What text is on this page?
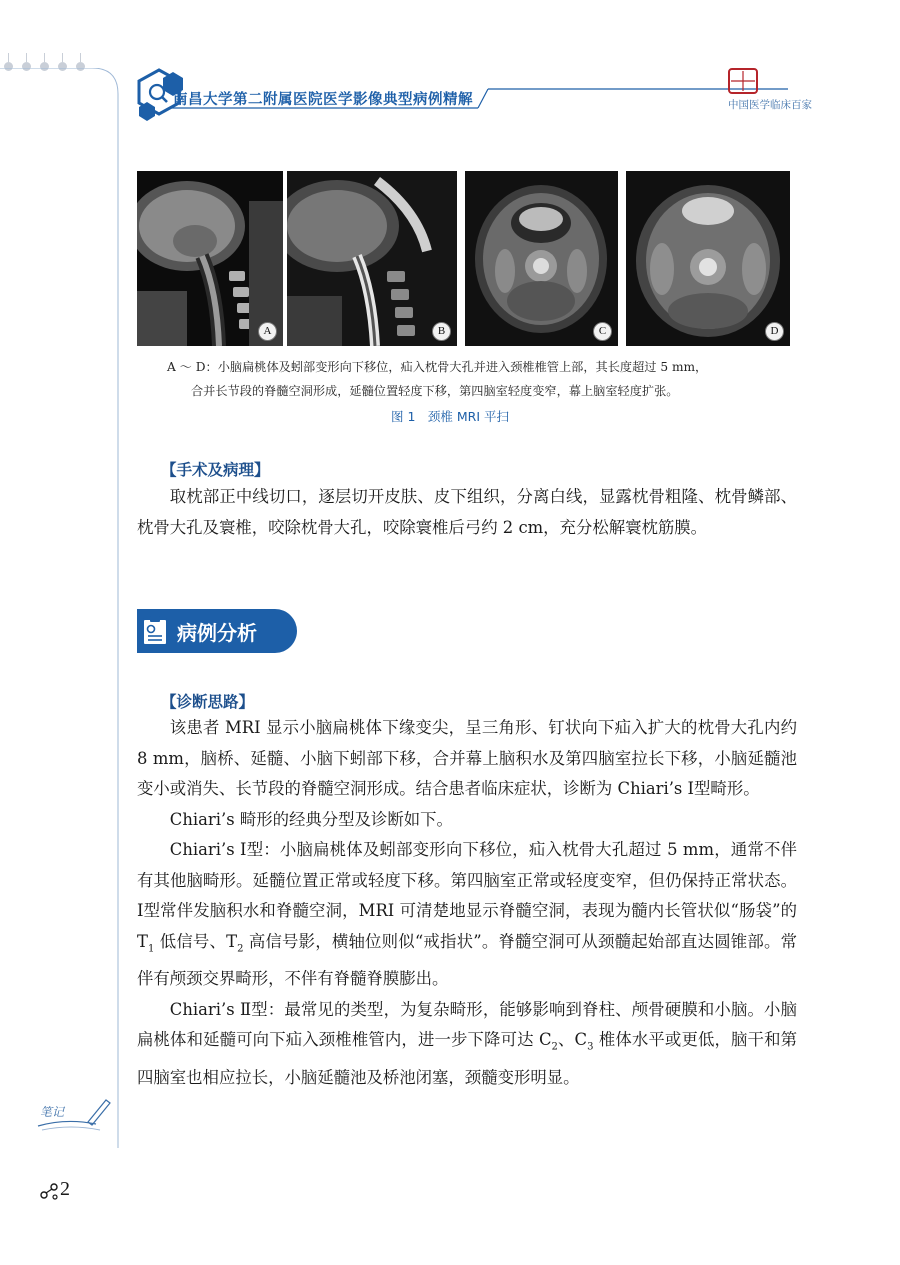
南昌大学第二附属医院医学影像典型病例精解	中国医学临床百家
A	B	C	D
A ～ D：小脑扁桃体及蚓部变形向下移位，疝入枕骨大孔并进入颈椎椎管上部，其长度超过 5 mm，
合并长节段的脊髓空洞形成，延髓位置轻度下移，第四脑室轻度变窄，幕上脑室轻度扩张。
图 1　颈椎 MRI 平扫
【手术及病理】

取枕部正中线切口，逐层切开皮肤、皮下组织，分离白线，显露枕骨粗隆、枕骨鳞部、枕骨大孔及寰椎，咬除枕骨大孔，咬除寰椎后弓约 2 cm，充分松解寰枕筋膜。

病例分析
【诊断思路】

该患者 MRI 显示小脑扁桃体下缘变尖，呈三角形、钉状向下疝入扩大的枕骨大孔内约 8 mm，脑桥、延髓、小脑下蚓部下移，合并幕上脑积水及第四脑室拉长下移，小脑延髓池变小或消失、长节段的脊髓空洞形成。结合患者临床症状，诊断为 Chiari’s Ⅰ型畸形。

Chiari’s 畸形的经典分型及诊断如下。

Chiari’s Ⅰ型：小脑扁桃体及蚓部变形向下移位，疝入枕骨大孔超过 5 mm，通常不伴有其他脑畸形。延髓位置正常或轻度下移。第四脑室正常或轻度变窄，但仍保持正常状态。Ⅰ型常伴发脑积水和脊髓空洞，MRI 可清楚地显示脊髓空洞，表现为髓内长管状似“肠袋”的 $T_1$ 低信号、$T_2$ 高信号影，横轴位则似“戒指状”。脊髓空洞可从颈髓起始部直达圆锥部。常伴有颅颈交界畸形，不伴有脊髓脊膜膨出。

Chiari’s Ⅱ型：最常见的类型，为复杂畸形，能够影响到脊柱、颅骨硬膜和小脑。小脑扁桃体和延髓可向下疝入颈椎椎管内，进一步下降可达 $C_2$、$C_3$ 椎体水平或更低，脑干和第四脑室也相应拉长，小脑延髓池及桥池闭塞，颈髓变形明显。

笔记
2
